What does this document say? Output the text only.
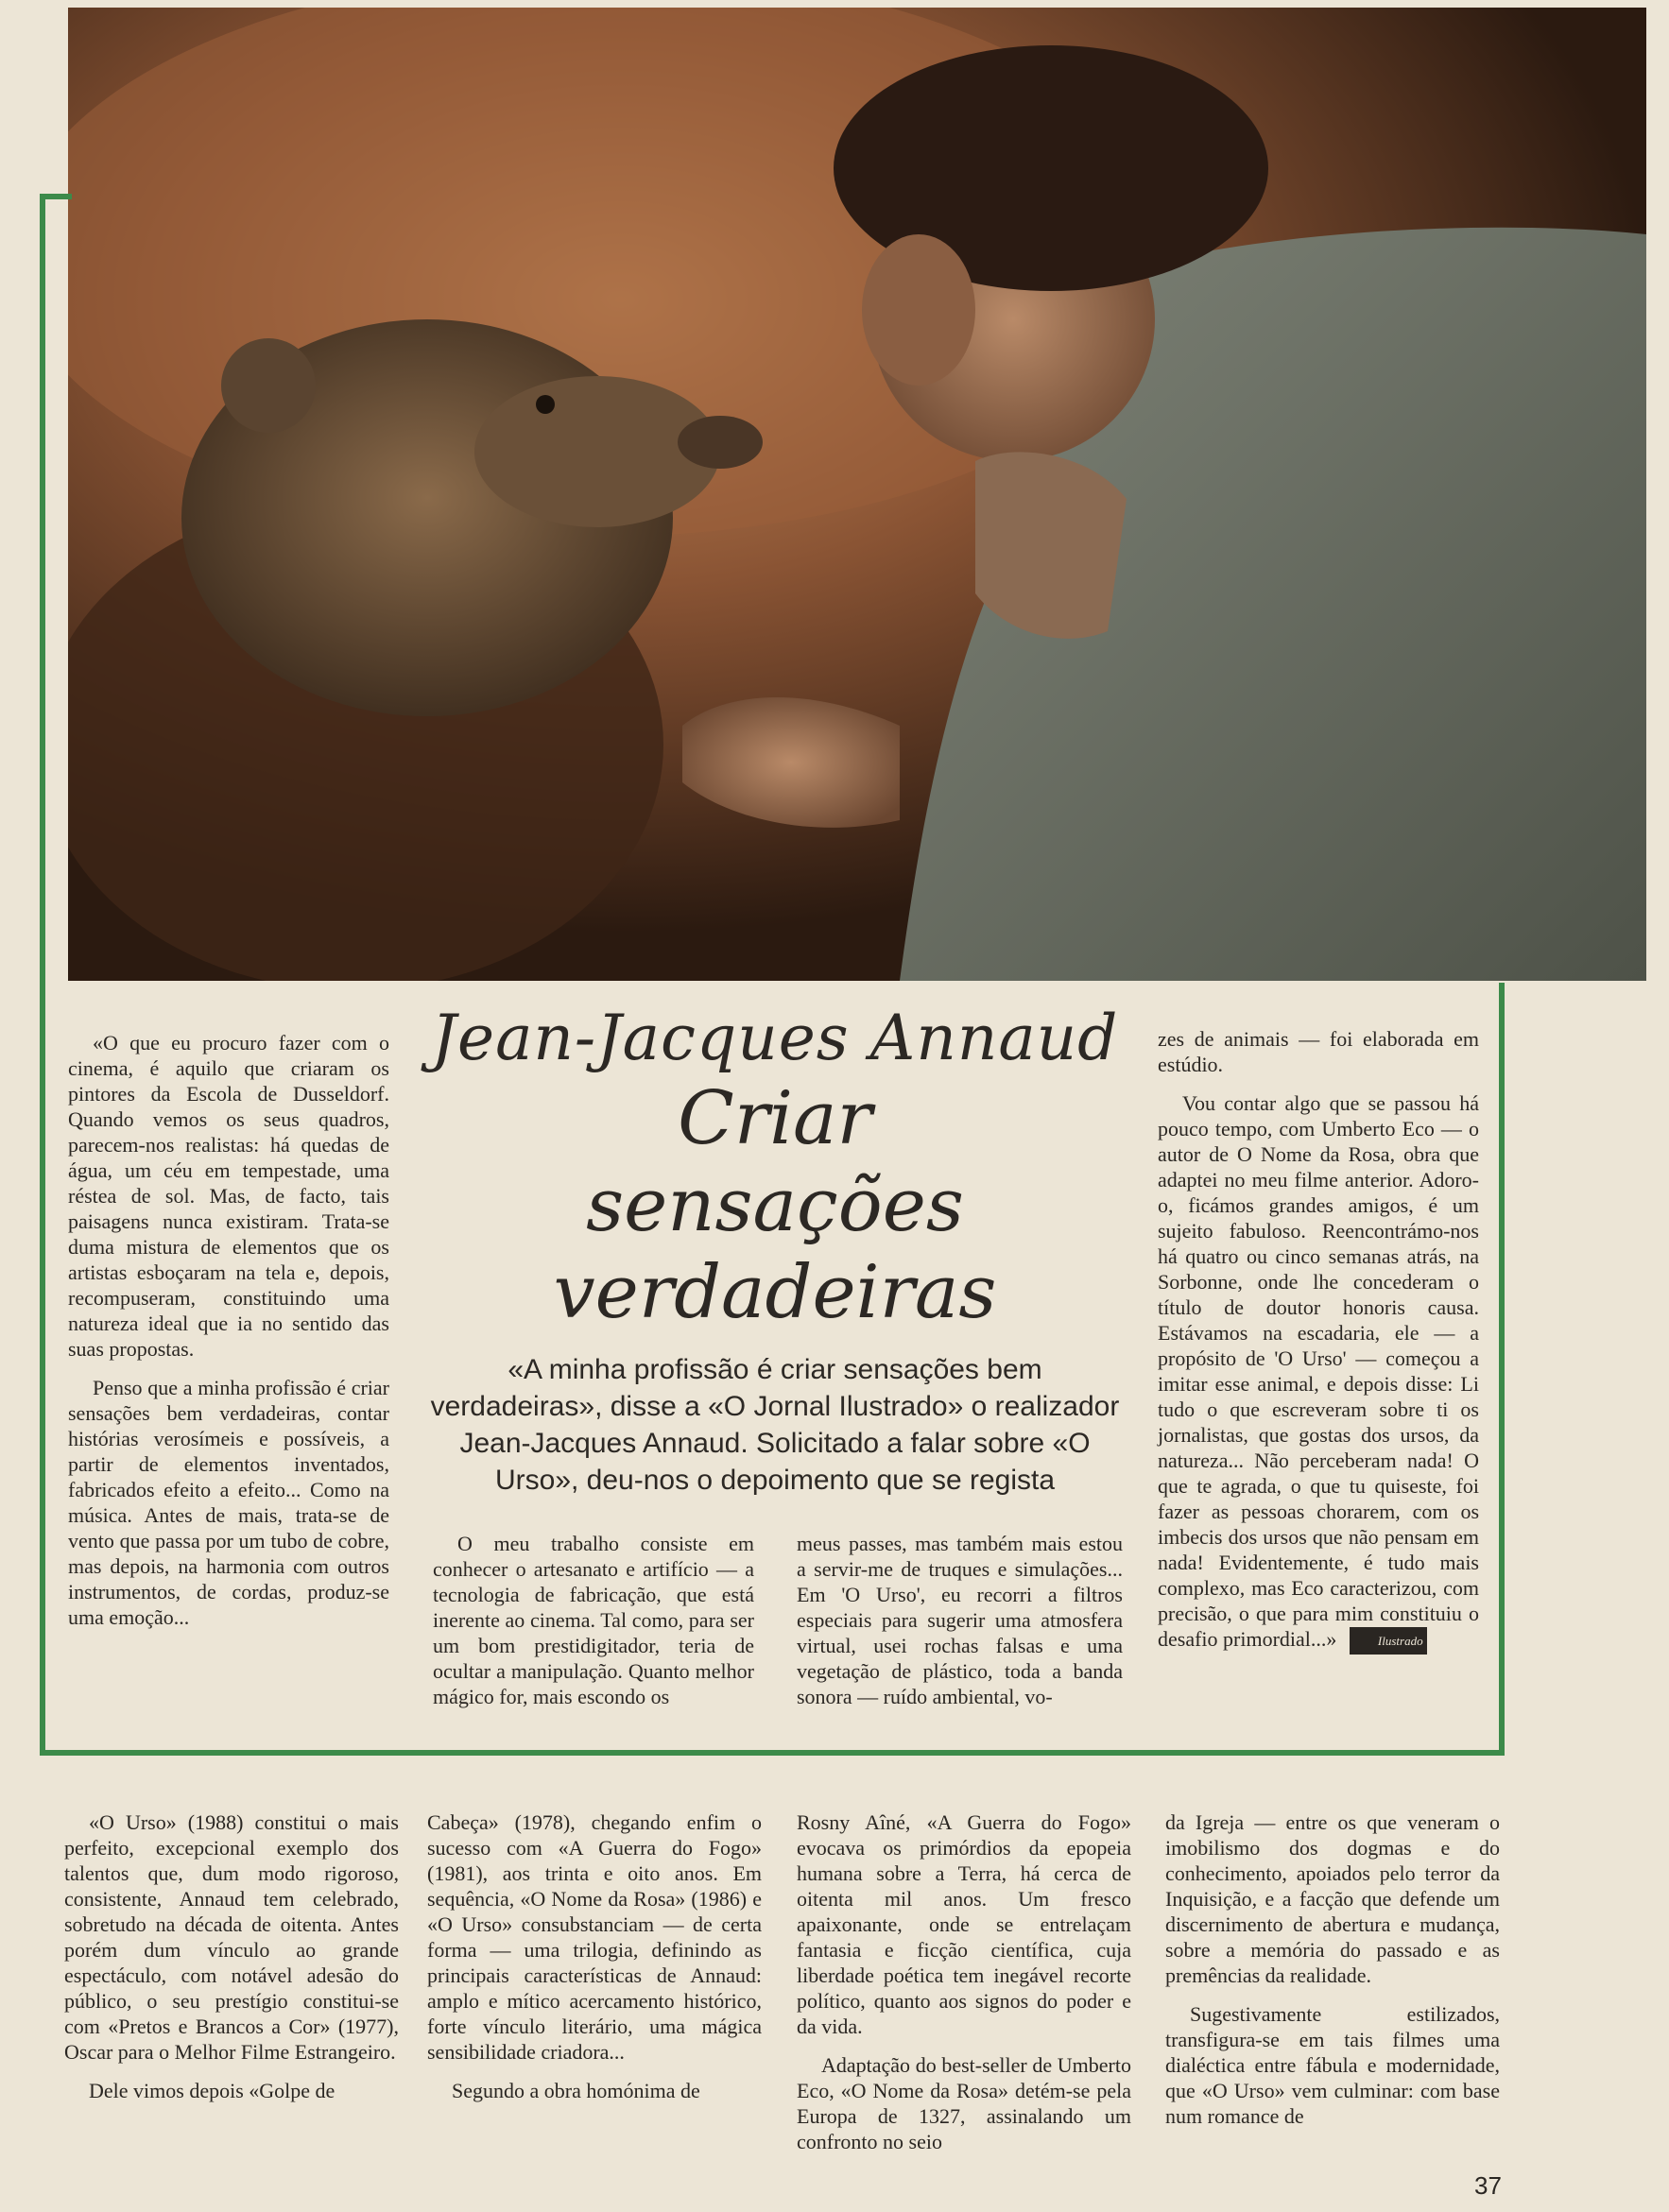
«O que eu procuro fazer com o cinema, é aquilo que criaram os pintores da Escola de Dusseldorf. Quando vemos os seus quadros, parecem-nos realistas: há quedas de água, um céu em tempestade, uma réstea de sol. Mas, de facto, tais paisagens nunca existiram. Trata-se duma mistura de elementos que os artistas esboçaram na tela e, depois, recompuseram, constituindo uma natureza ideal que ia no sentido das suas propostas.

Penso que a minha profissão é criar sensações bem verdadeiras, contar histórias verosímeis e possíveis, a partir de elementos inventados, fabricados efeito a efeito... Como na música. Antes de mais, trata-se de vento que passa por um tubo de cobre, mas depois, na harmonia com outros instrumentos, de cordas, produz-se uma emoção...

Jean-Jacques Annaud
Criar
sensações
verdadeiras
«A minha profissão é criar sensações bem verdadeiras», disse a «O Jornal Ilustrado» o realizador Jean-Jacques Annaud. Solicitado a falar sobre «O Urso», deu-nos o depoimento que se regista

O meu trabalho consiste em conhecer o artesanato e artifício — a tecnologia de fabricação, que está inerente ao cinema. Tal como, para ser um bom prestidigitador, teria de ocultar a manipulação. Quanto melhor mágico for, mais escondo os

meus passes, mas também mais estou a servir-me de truques e simulações... Em 'O Urso', eu recorri a filtros especiais para sugerir uma atmosfera virtual, usei rochas falsas e uma vegetação de plástico, toda a banda sonora — ruído ambiental, vo-

zes de animais — foi elaborada em estúdio.

Vou contar algo que se passou há pouco tempo, com Umberto Eco — o autor de O Nome da Rosa, obra que adaptei no meu filme anterior. Adoro-o, ficámos grandes amigos, é um sujeito fabuloso. Reencontrámo-nos há quatro ou cinco semanas atrás, na Sorbonne, onde lhe concederam o título de doutor honoris causa. Estávamos na escadaria, ele — a propósito de 'O Urso' — começou a imitar esse animal, e depois disse: Li tudo o que escreveram sobre ti os jornalistas, que gostas dos ursos, da natureza... Não perceberam nada! O que te agrada, o que tu quiseste, foi fazer as pessoas chorarem, com os imbecis dos ursos que não pensam em nada! Evidentemente, é tudo mais complexo, mas Eco caracterizou, com precisão, o que para mim constituiu o desafio primordial...»	Ilustrado

«O Urso» (1988) constitui o mais perfeito, excepcional exemplo dos talentos que, dum modo rigoroso, consistente, Annaud tem celebrado, sobretudo na década de oitenta. Antes porém dum vínculo ao grande espectáculo, com notável adesão do público, o seu prestígio constitui-se com «Pretos e Brancos a Cor» (1977), Oscar para o Melhor Filme Estrangeiro.

Dele vimos depois «Golpe de

Cabeça» (1978), chegando enfim o sucesso com «A Guerra do Fogo» (1981), aos trinta e oito anos. Em sequência, «O Nome da Rosa» (1986) e «O Urso» consubstanciam — de certa forma — uma trilogia, definindo as principais características de Annaud: amplo e mítico acercamento histórico, forte vínculo literário, uma mágica sensibilidade criadora...

Segundo a obra homónima de

Rosny Aîné, «A Guerra do Fogo» evocava os primórdios da epopeia humana sobre a Terra, há cerca de oitenta mil anos. Um fresco apaixonante, onde se entrelaçam fantasia e ficção científica, cuja liberdade poética tem inegável recorte político, quanto aos signos do poder e da vida.

Adaptação do best-seller de Umberto Eco, «O Nome da Rosa» detém-se pela Europa de 1327, assinalando um confronto no seio

da Igreja — entre os que veneram o imobilismo dos dogmas e do conhecimento, apoiados pelo terror da Inquisição, e a facção que defende um discernimento de abertura e mudança, sobre a memória do passado e as premências da realidade.

Sugestivamente estilizados, transfigura-se em tais filmes uma dialéctica entre fábula e modernidade, que «O Urso» vem culminar: com base num romance de

37
